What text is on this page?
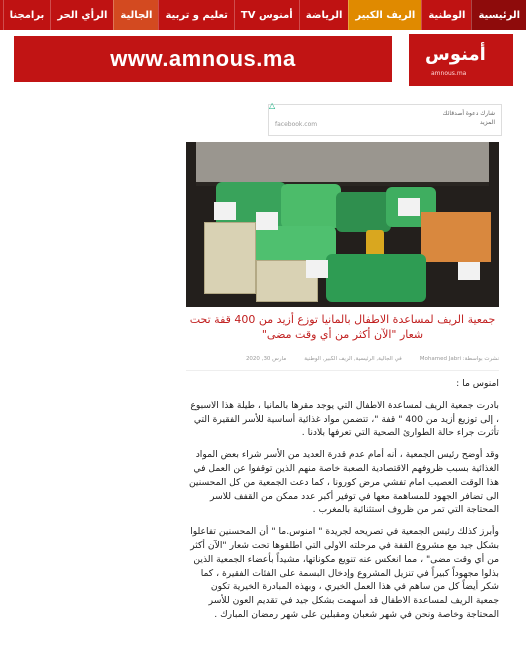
الرئيسية
الوطنية
الريف الكبير
الرياضة
أمنوس TV
تعليم و تربية
الجالية
الرأي الحر
برامجنا
www.amnous.ma	أمنوس
amnous.ma
△
شارك دعوة أصدقائك
المزيد
facebook.com
جمعية الريف لمساعدة الاطفال بالمانيا توزع أزيد من 400 قفة تحت شعار "الآن أكثر من أي وقت مضى"
نشرت بواسطة: Mohamed Jabri
في الجالية, الرئيسية, الريف الكبير, الوطنية
مارس 30, 2020

امنوس ما :

بادرت جمعية الريف لمساعدة الاطفال التي يوجد مقرها بالمانيا ، طيلة هذا الاسبوع ، إلى توزيع أزيد من 400 " قفة "، تتضمن مواد غذائية أساسية للأسر الفقيرة التي تأثرت جراء حالة الطوارئ الصحية التي تعرفها بلادنا .

وقد أوضح رئيس الجمعية ، أنه أمام عدم قدرة العديد من الأسر شراء بعض المواد الغذائية بسبب ظروفهم الاقتصادية الصعبة خاصة منهم الذين توقفوا عن العمل في هذا الوقت العصيب امام تفشي مرض كورونا ، كما دعت الجمعية من كل المحسنين الى تضافر الجهود للمساهمة معها في توفير أكبر عدد ممكن من القفف للاسر المحتاجة التي تمر من ظروف استثنائية بالمغرب .

وأبرز كذلك رئيس الجمعية في تصريحه لجريدة " امنوس.ما " أن المحسنين تفاعلوا بشكل جيد مع مشروع القفة في مرحلته الاولى التي اطلقوها تحت شعار "الآن أكثر من أي وقت مضى" ، مما انعكس عنه تنويع مكوناتها، مشيداً بأعضاء الجمعية الذين بذلوا مجهوداً كبيراً في تنزيل المشروع وإدخال البسمة على الفئات الفقيرة ، كما شكر أيضاً كل من ساهم في هذا العمل الخيري ، وبهذه المبادرة الخيرية تكون جمعية الريف لمساعدة الاطفال قد أسهمت بشكل جيد في تقديم العون للأسر المحتاجة وخاصة ونحن في شهر شعبان ومقبلين على شهر رمضان المبارك .
